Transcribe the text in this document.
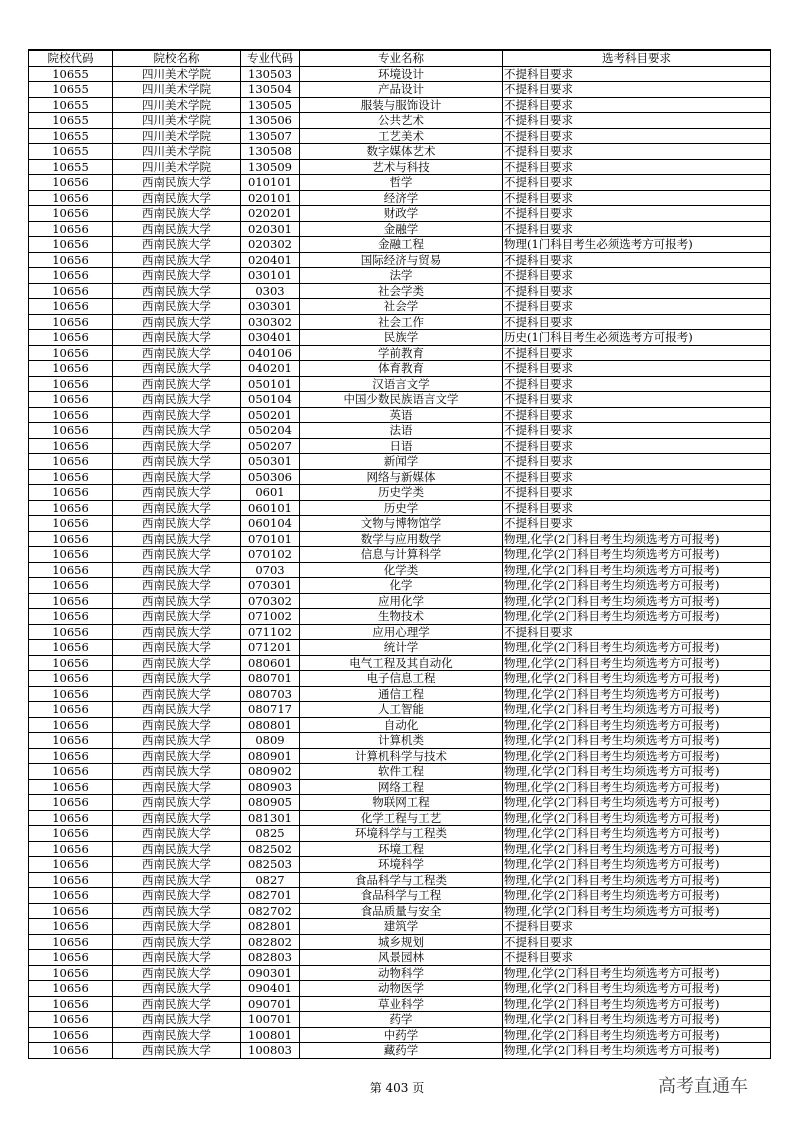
院校代码	院校名称	专业代码	专业名称	选考科目要求
10655	四川美术学院	130503	环境设计	不提科目要求
10655	四川美术学院	130504	产品设计	不提科目要求
10655	四川美术学院	130505	服装与服饰设计	不提科目要求
10655	四川美术学院	130506	公共艺术	不提科目要求
10655	四川美术学院	130507	工艺美术	不提科目要求
10655	四川美术学院	130508	数字媒体艺术	不提科目要求
10655	四川美术学院	130509	艺术与科技	不提科目要求
10656	西南民族大学	010101	哲学	不提科目要求
10656	西南民族大学	020101	经济学	不提科目要求
10656	西南民族大学	020201	财政学	不提科目要求
10656	西南民族大学	020301	金融学	不提科目要求
10656	西南民族大学	020302	金融工程	物理(1门科目考生必须选考方可报考)
10656	西南民族大学	020401	国际经济与贸易	不提科目要求
10656	西南民族大学	030101	法学	不提科目要求
10656	西南民族大学	0303	社会学类	不提科目要求
10656	西南民族大学	030301	社会学	不提科目要求
10656	西南民族大学	030302	社会工作	不提科目要求
10656	西南民族大学	030401	民族学	历史(1门科目考生必须选考方可报考)
10656	西南民族大学	040106	学前教育	不提科目要求
10656	西南民族大学	040201	体育教育	不提科目要求
10656	西南民族大学	050101	汉语言文学	不提科目要求
10656	西南民族大学	050104	中国少数民族语言文学	不提科目要求
10656	西南民族大学	050201	英语	不提科目要求
10656	西南民族大学	050204	法语	不提科目要求
10656	西南民族大学	050207	日语	不提科目要求
10656	西南民族大学	050301	新闻学	不提科目要求
10656	西南民族大学	050306	网络与新媒体	不提科目要求
10656	西南民族大学	0601	历史学类	不提科目要求
10656	西南民族大学	060101	历史学	不提科目要求
10656	西南民族大学	060104	文物与博物馆学	不提科目要求
10656	西南民族大学	070101	数学与应用数学	物理,化学(2门科目考生均须选考方可报考)
10656	西南民族大学	070102	信息与计算科学	物理,化学(2门科目考生均须选考方可报考)
10656	西南民族大学	0703	化学类	物理,化学(2门科目考生均须选考方可报考)
10656	西南民族大学	070301	化学	物理,化学(2门科目考生均须选考方可报考)
10656	西南民族大学	070302	应用化学	物理,化学(2门科目考生均须选考方可报考)
10656	西南民族大学	071002	生物技术	物理,化学(2门科目考生均须选考方可报考)
10656	西南民族大学	071102	应用心理学	不提科目要求
10656	西南民族大学	071201	统计学	物理,化学(2门科目考生均须选考方可报考)
10656	西南民族大学	080601	电气工程及其自动化	物理,化学(2门科目考生均须选考方可报考)
10656	西南民族大学	080701	电子信息工程	物理,化学(2门科目考生均须选考方可报考)
10656	西南民族大学	080703	通信工程	物理,化学(2门科目考生均须选考方可报考)
10656	西南民族大学	080717	人工智能	物理,化学(2门科目考生均须选考方可报考)
10656	西南民族大学	080801	自动化	物理,化学(2门科目考生均须选考方可报考)
10656	西南民族大学	0809	计算机类	物理,化学(2门科目考生均须选考方可报考)
10656	西南民族大学	080901	计算机科学与技术	物理,化学(2门科目考生均须选考方可报考)
10656	西南民族大学	080902	软件工程	物理,化学(2门科目考生均须选考方可报考)
10656	西南民族大学	080903	网络工程	物理,化学(2门科目考生均须选考方可报考)
10656	西南民族大学	080905	物联网工程	物理,化学(2门科目考生均须选考方可报考)
10656	西南民族大学	081301	化学工程与工艺	物理,化学(2门科目考生均须选考方可报考)
10656	西南民族大学	0825	环境科学与工程类	物理,化学(2门科目考生均须选考方可报考)
10656	西南民族大学	082502	环境工程	物理,化学(2门科目考生均须选考方可报考)
10656	西南民族大学	082503	环境科学	物理,化学(2门科目考生均须选考方可报考)
10656	西南民族大学	0827	食品科学与工程类	物理,化学(2门科目考生均须选考方可报考)
10656	西南民族大学	082701	食品科学与工程	物理,化学(2门科目考生均须选考方可报考)
10656	西南民族大学	082702	食品质量与安全	物理,化学(2门科目考生均须选考方可报考)
10656	西南民族大学	082801	建筑学	不提科目要求
10656	西南民族大学	082802	城乡规划	不提科目要求
10656	西南民族大学	082803	风景园林	不提科目要求
10656	西南民族大学	090301	动物科学	物理,化学(2门科目考生均须选考方可报考)
10656	西南民族大学	090401	动物医学	物理,化学(2门科目考生均须选考方可报考)
10656	西南民族大学	090701	草业科学	物理,化学(2门科目考生均须选考方可报考)
10656	西南民族大学	100701	药学	物理,化学(2门科目考生均须选考方可报考)
10656	西南民族大学	100801	中药学	物理,化学(2门科目考生均须选考方可报考)
10656	西南民族大学	100803	藏药学	物理,化学(2门科目考生均须选考方可报考)
第 403 页	高考直通车
